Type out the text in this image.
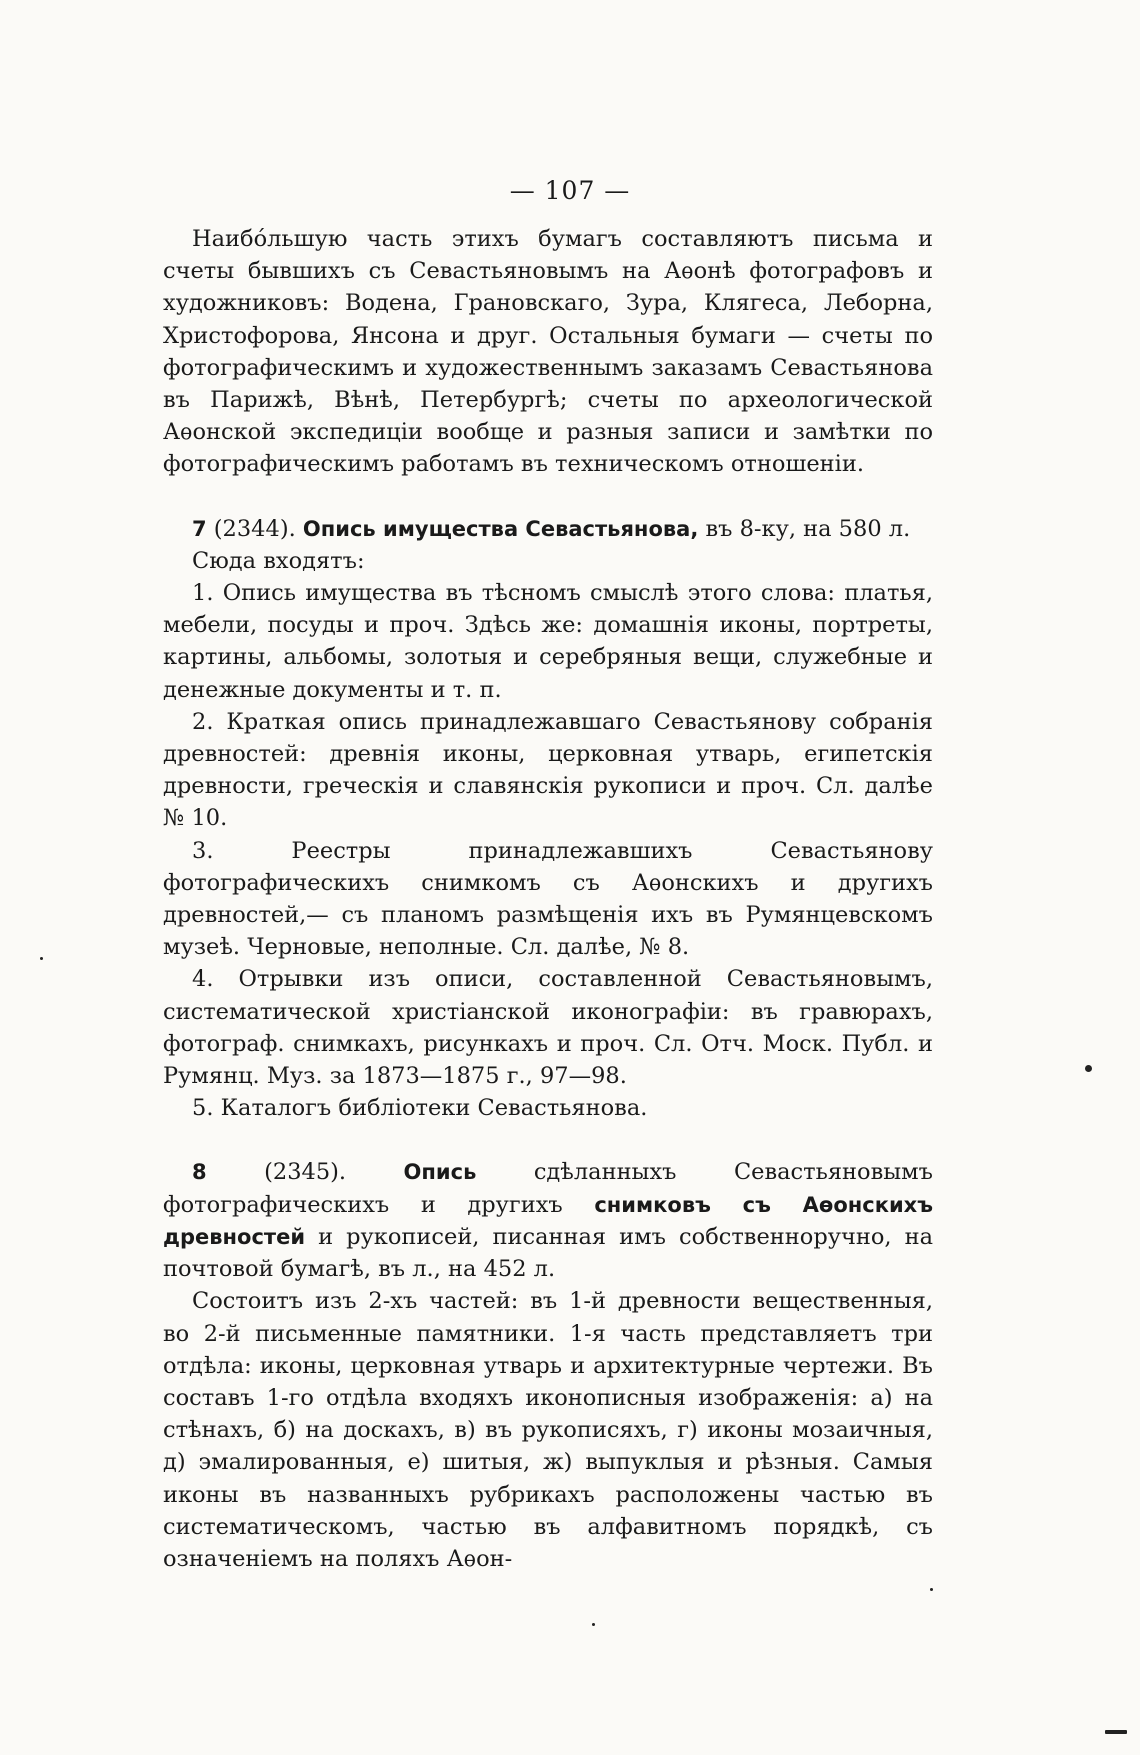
— 107 —

Наибóльшую часть этихъ бумагъ составляютъ письма и счеты бывшихъ съ Севастьяновымъ на Аѳонѣ фотографовъ и художниковъ: Водена, Грановскаго, Зура, Клягеса, Леборна, Христофорова, Янсона и друг. Остальныя бумаги — счеты по фотографическимъ и художественнымъ заказамъ Севастьянова въ Парижѣ, Вѣнѣ, Петербургѣ; счеты по археологической Аѳонской экспедиціи вообще и разныя записи и замѣтки по фотографическимъ работамъ въ техническомъ отношеніи.

7 (2344). Опись имущества Севастьянова, въ 8-ку, на 580 л.

Сюда входятъ:

1. Опись имущества въ тѣсномъ смыслѣ этого слова: платья, мебели, посуды и проч. Здѣсь же: домашнія иконы, портреты, картины, альбомы, золотыя и серебряныя вещи, служебные и денежные документы и т. п.

2. Краткая опись принадлежавшаго Севастьянову собранія древностей: древнія иконы, церковная утварь, египетскія древности, греческія и славянскія рукописи и проч. Сл. далѣе № 10.

3. Реестры принадлежавшихъ Севастьянову фотографическихъ снимкомъ съ Аѳонскихъ и другихъ древностей,— съ планомъ размѣщенія ихъ въ Румянцевскомъ музеѣ. Черновые, неполные. Сл. далѣе, № 8.

4. Отрывки изъ описи, составленной Севастьяновымъ, систематической христіанской иконографіи: въ гравюрахъ, фотограф. снимкахъ, рисункахъ и проч. Сл. Отч. Моск. Публ. и Румянц. Муз. за 1873—1875 г., 97—98.

5. Каталогъ библіотеки Севастьянова.

8 (2345). Опись сдѣланныхъ Севастьяновымъ фотографическихъ и другихъ снимковъ съ Аѳонскихъ древностей и рукописей, писанная имъ собственноручно, на почтовой бумагѣ, въ л., на 452 л.

Состоитъ изъ 2-хъ частей: въ 1-й древности вещественныя, во 2-й письменные памятники. 1-я часть представляетъ три отдѣла: иконы, церковная утварь и архитектурные чертежи. Въ составъ 1-го отдѣла входяхъ иконописныя изображенія: а) на стѣнахъ, б) на доскахъ, в) въ рукописяхъ, г) иконы мозаичныя, д) эмалированныя, е) шитыя, ж) выпуклыя и рѣзныя. Самыя иконы въ названныхъ рубрикахъ расположены частью въ систематическомъ, частью въ алфавитномъ порядкѣ, съ означеніемъ на поляхъ Аѳон-
